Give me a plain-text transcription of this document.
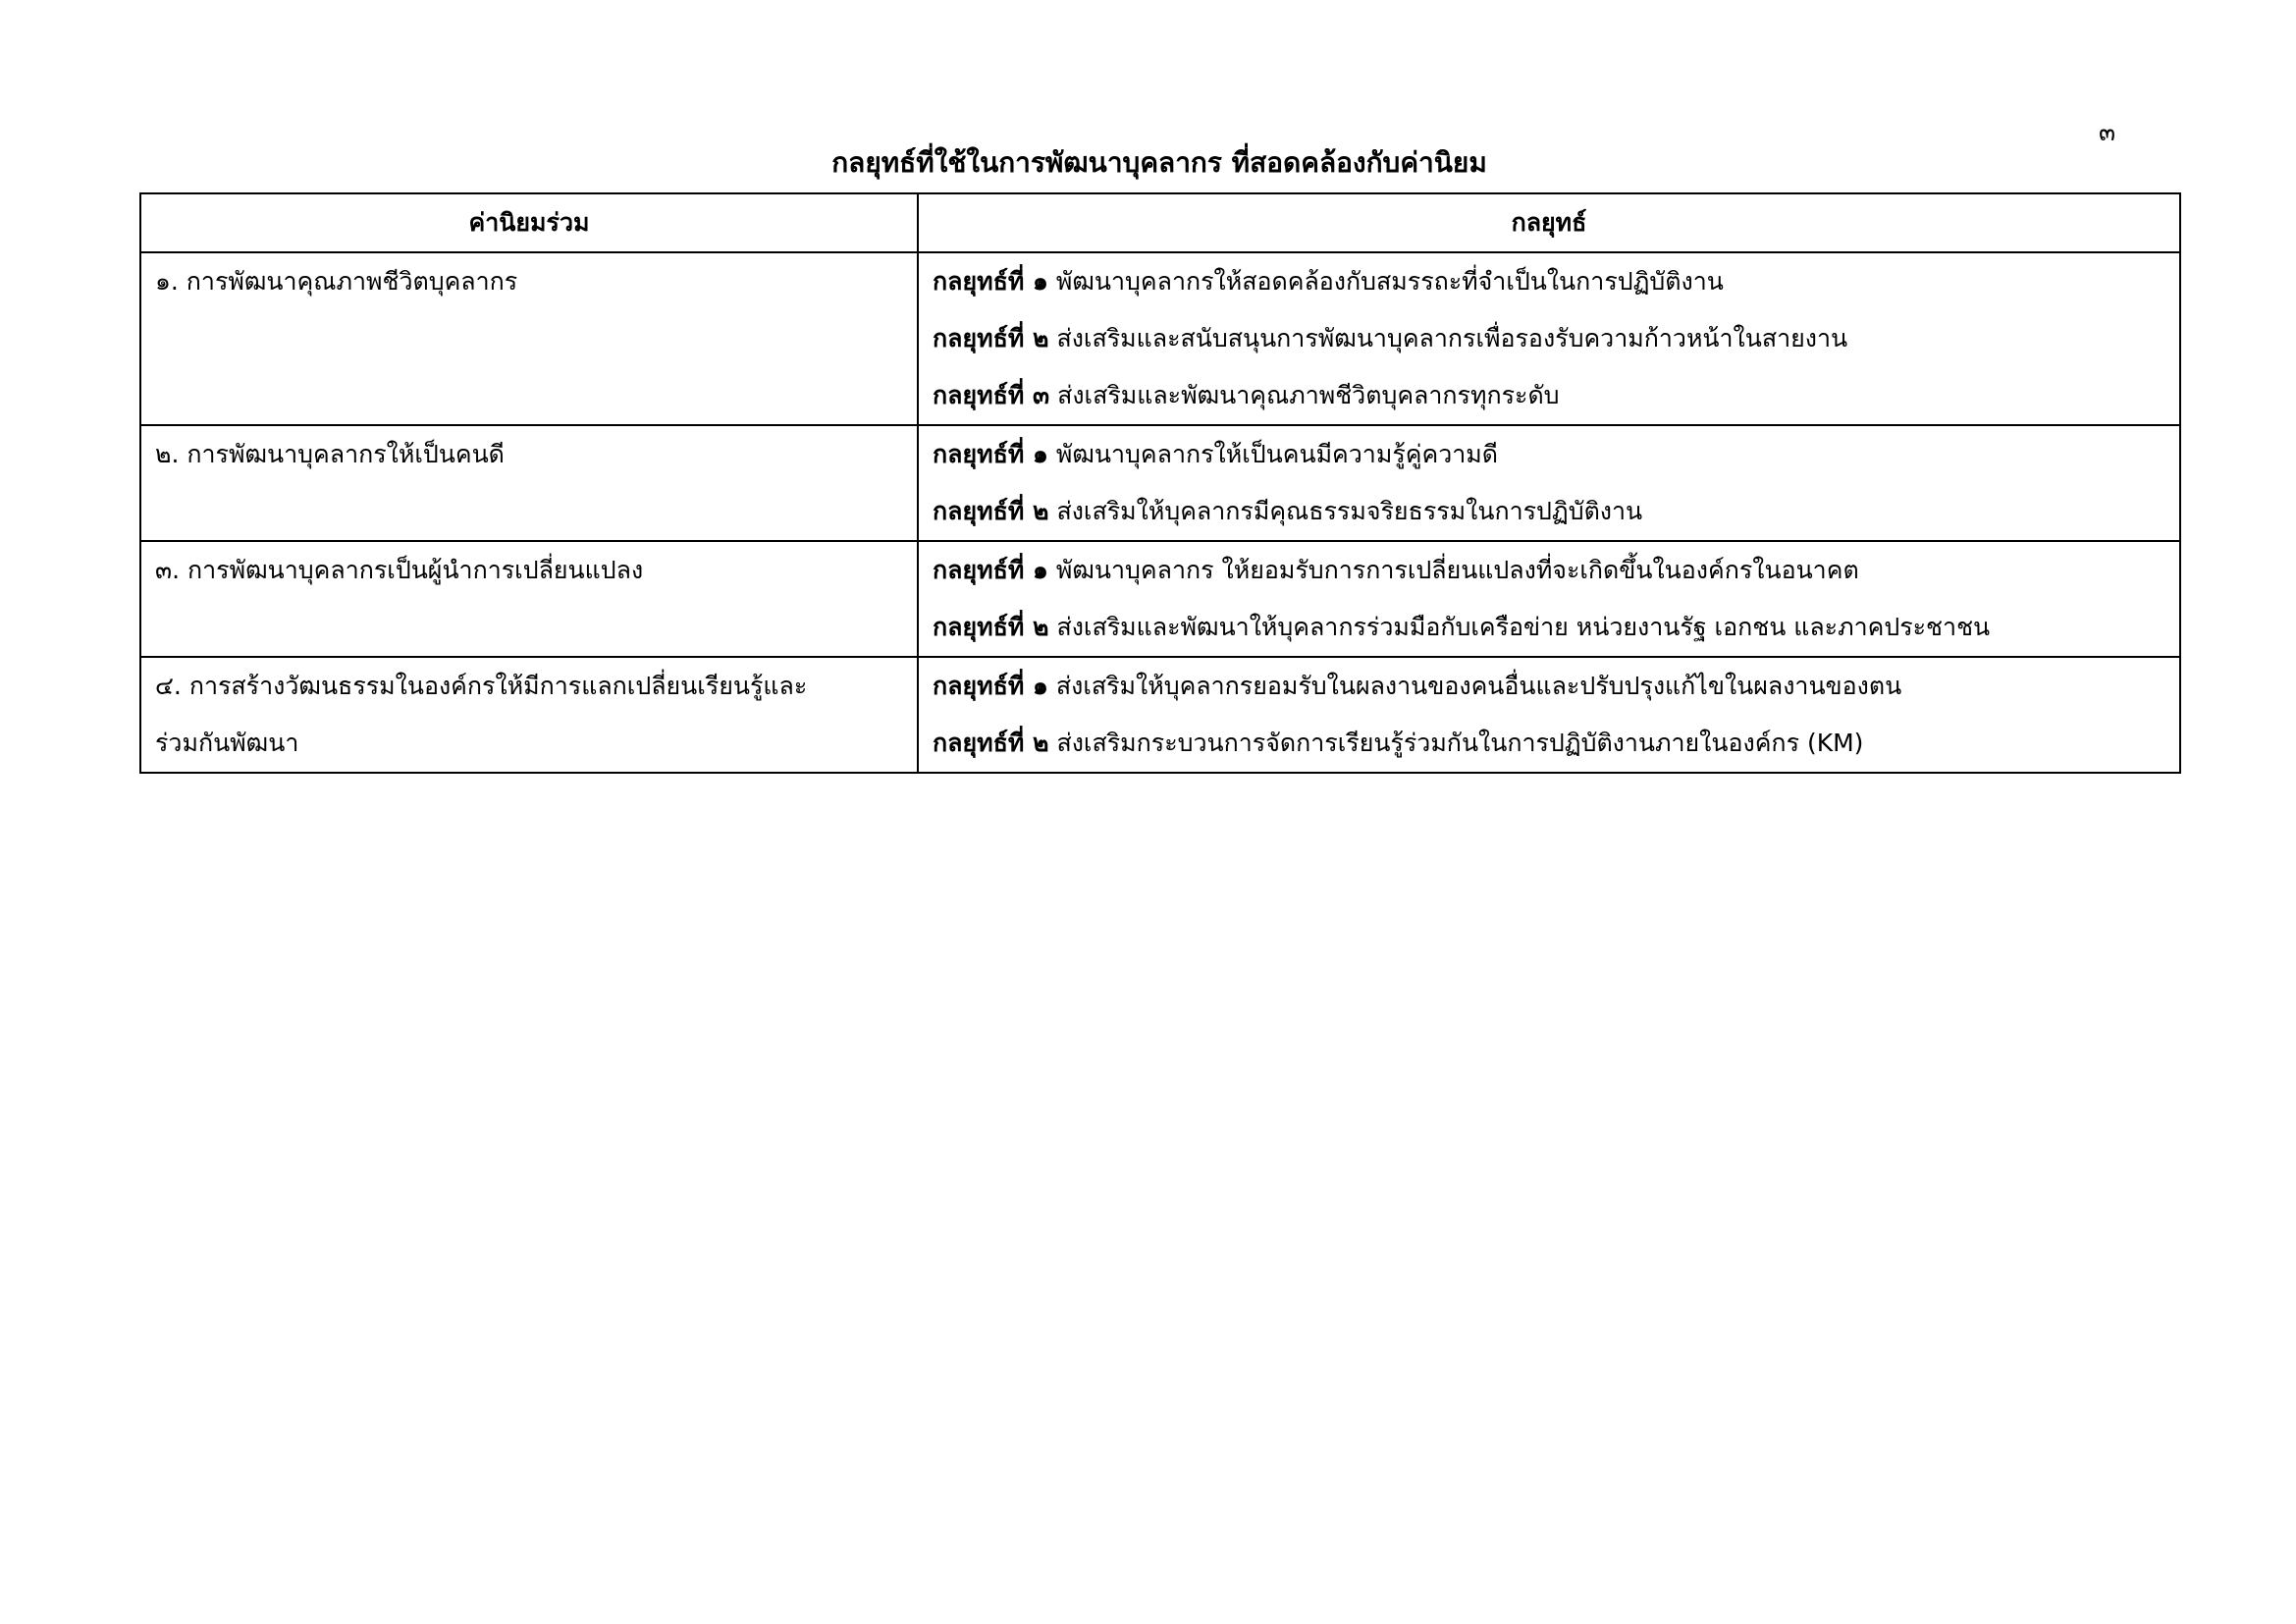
๓
กลยุทธ์ที่ใช้ในการพัฒนาบุคลากร ที่สอดคล้องกับค่านิยม
ค่านิยมร่วม	กลยุทธ์

๑. การพัฒนาคุณภาพชีวิตบุคลากร	กลยุทธ์ที่ ๑ พัฒนาบุคลากรให้สอดคล้องกับสมรรถะที่จำเป็นในการปฏิบัติงาน
กลยุทธ์ที่ ๒ ส่งเสริมและสนับสนุนการพัฒนาบุคลากรเพื่อรองรับความก้าวหน้าในสายงาน
กลยุทธ์ที่ ๓ ส่งเสริมและพัฒนาคุณภาพชีวิตบุคลากรทุกระดับ

๒. การพัฒนาบุคลากรให้เป็นคนดี	กลยุทธ์ที่ ๑ พัฒนาบุคลากรให้เป็นคนมีความรู้คู่ความดี
กลยุทธ์ที่ ๒ ส่งเสริมให้บุคลากรมีคุณธรรมจริยธรรมในการปฏิบัติงาน

๓. การพัฒนาบุคลากรเป็นผู้นำการเปลี่ยนแปลง	กลยุทธ์ที่ ๑ พัฒนาบุคลากร ให้ยอมรับการการเปลี่ยนแปลงที่จะเกิดขึ้นในองค์กรในอนาคต
กลยุทธ์ที่ ๒ ส่งเสริมและพัฒนาให้บุคลากรร่วมมือกับเครือข่าย หน่วยงานรัฐ เอกชน และภาคประชาชน

๔. การสร้างวัฒนธรรมในองค์กรให้มีการแลกเปลี่ยนเรียนรู้และ
ร่วมกันพัฒนา	กลยุทธ์ที่ ๑ ส่งเสริมให้บุคลากรยอมรับในผลงานของคนอื่นและปรับปรุงแก้ไขในผลงานของตน
กลยุทธ์ที่ ๒ ส่งเสริมกระบวนการจัดการเรียนรู้ร่วมกันในการปฏิบัติงานภายในองค์กร (KM)
